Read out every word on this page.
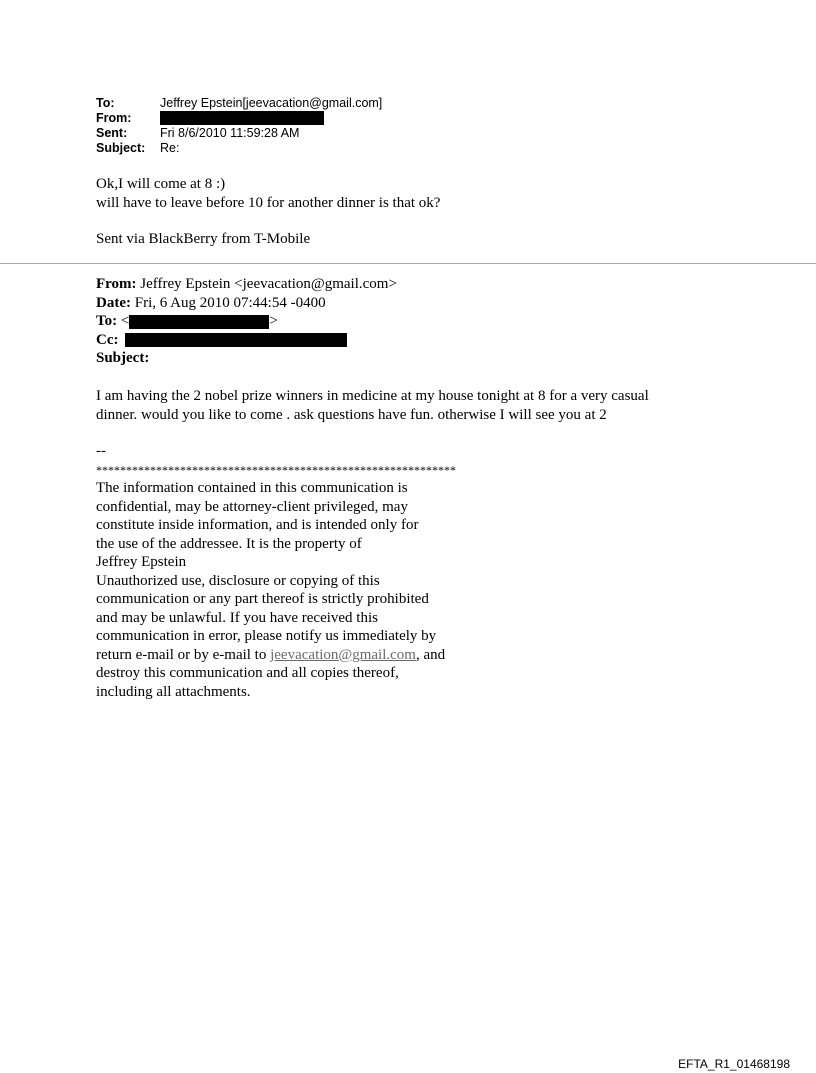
To:	Jeffrey Epstein[jeevacation@gmail.com]
From:
Sent:	Fri 8/6/2010 11:59:28 AM
Subject:	Re:

Ok,I will come at 8 :)

will have to leave before 10 for another dinner is that ok?

Sent via BlackBerry from T-Mobile

From: Jeffrey Epstein <jeevacation@gmail.com>

Date: Fri, 6 Aug 2010 07:44:54 -0400

To: <	>

Cc:

Subject:

I am having the 2 nobel prize winners in medicine at my house tonight at 8 for a very casual

dinner. would you like to come . ask questions have fun. otherwise I will see you at 2

--

************************************************************

The information contained in this communication is

confidential, may be attorney-client privileged, may

constitute inside information, and is intended only for

the use of the addressee. It is the property of

Jeffrey Epstein

Unauthorized use, disclosure or copying of this

communication or any part thereof is strictly prohibited

and may be unlawful. If you have received this

communication in error, please notify us immediately by

return e-mail or by e-mail to jeevacation@gmail.com, and

destroy this communication and all copies thereof,

including all attachments.

EFTA_R1_01468198
